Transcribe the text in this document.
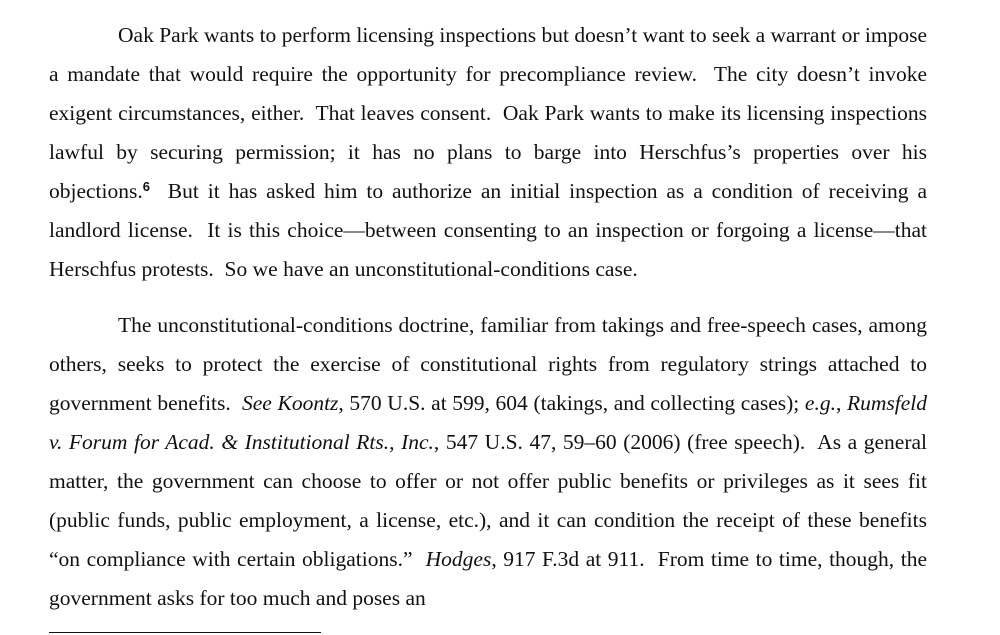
Oak Park wants to perform licensing inspections but doesn’t want to seek a warrant or impose a mandate that would require the opportunity for precompliance review.  The city doesn’t invoke exigent circumstances, either.  That leaves consent.  Oak Park wants to make its licensing inspections lawful by securing permission; it has no plans to barge into Herschfus’s properties over his objections.$^6$  But it has asked him to authorize an initial inspection as a condition of receiving a landlord license.  It is this choice—between consenting to an inspection or forgoing a license—that Herschfus protests.  So we have an unconstitutional-conditions case.

The unconstitutional-conditions doctrine, familiar from takings and free-speech cases, among others, seeks to protect the exercise of constitutional rights from regulatory strings attached to government benefits.  See Koontz, 570 U.S. at 599, 604 (takings, and collecting cases); e.g., Rumsfeld v. Forum for Acad. & Institutional Rts., Inc., 547 U.S. 47, 59–60 (2006) (free speech).  As a general matter, the government can choose to offer or not offer public benefits or privileges as it sees fit (public funds, public employment, a license, etc.), and it can condition the receipt of these benefits “on compliance with certain obligations.”  Hodges, 917 F.3d at 911.  From time to time, though, the government asks for too much and poses an
